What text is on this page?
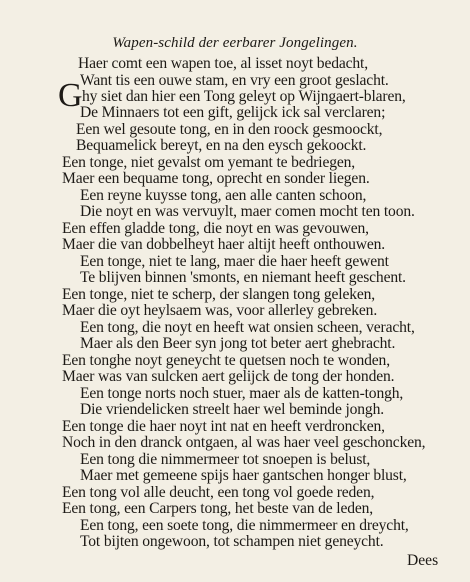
Wapen-schild der eerbarer Jongelingen.
G
Haer comt een wapen toe, al isset noyt bedacht,
Want tis een ouwe stam, en vry een groot geslacht.
hy siet dan hier een Tong geleyt op Wijngaert-blaren,
De Minnaers tot een gift, gelijck ick sal verclaren;
Een wel gesoute tong, en in den roock gesmoockt,
Bequamelick bereyt, en na den eysch gekoockt.
Een tonge, niet gevalst om yemant te bedriegen,
Maer een bequame tong, oprecht en sonder liegen.
Een reyne kuysse tong, aen alle canten schoon,
Die noyt en was vervuylt, maer comen mocht ten toon.
Een effen gladde tong, die noyt en was gevouwen,
Maer die van dobbelheyt haer altijt heeft onthouwen.
Een tonge, niet te lang, maer die haer heeft gewent
Te blijven binnen 'smonts, en niemant heeft geschent.
Een tonge, niet te scherp, der slangen tong geleken,
Maer die oyt heylsaem was, voor allerley gebreken.
Een tong, die noyt en heeft wat onsien scheen, veracht,
Maer als den Beer syn jong tot beter aert ghebracht.
Een tonghe noyt geneycht te quetsen noch te wonden,
Maer was van sulcken aert gelijck de tong der honden.
Een tonge norts noch stuer, maer als de katten-tongh,
Die vriendelicken streelt haer wel beminde jongh.
Een tonge die haer noyt int nat en heeft verdroncken,
Noch in den dranck ontgaen, al was haer veel geschoncken,
Een tong die nimmermeer tot snoepen is belust,
Maer met gemeene spijs haer gantschen honger blust,
Een tong vol alle deucht, een tong vol goede reden,
Een tong, een Carpers tong, het beste van de leden,
Een tong, een soete tong, die nimmermeer en dreycht,
Tot bijten ongewoon, tot schampen niet geneycht.
Dees
